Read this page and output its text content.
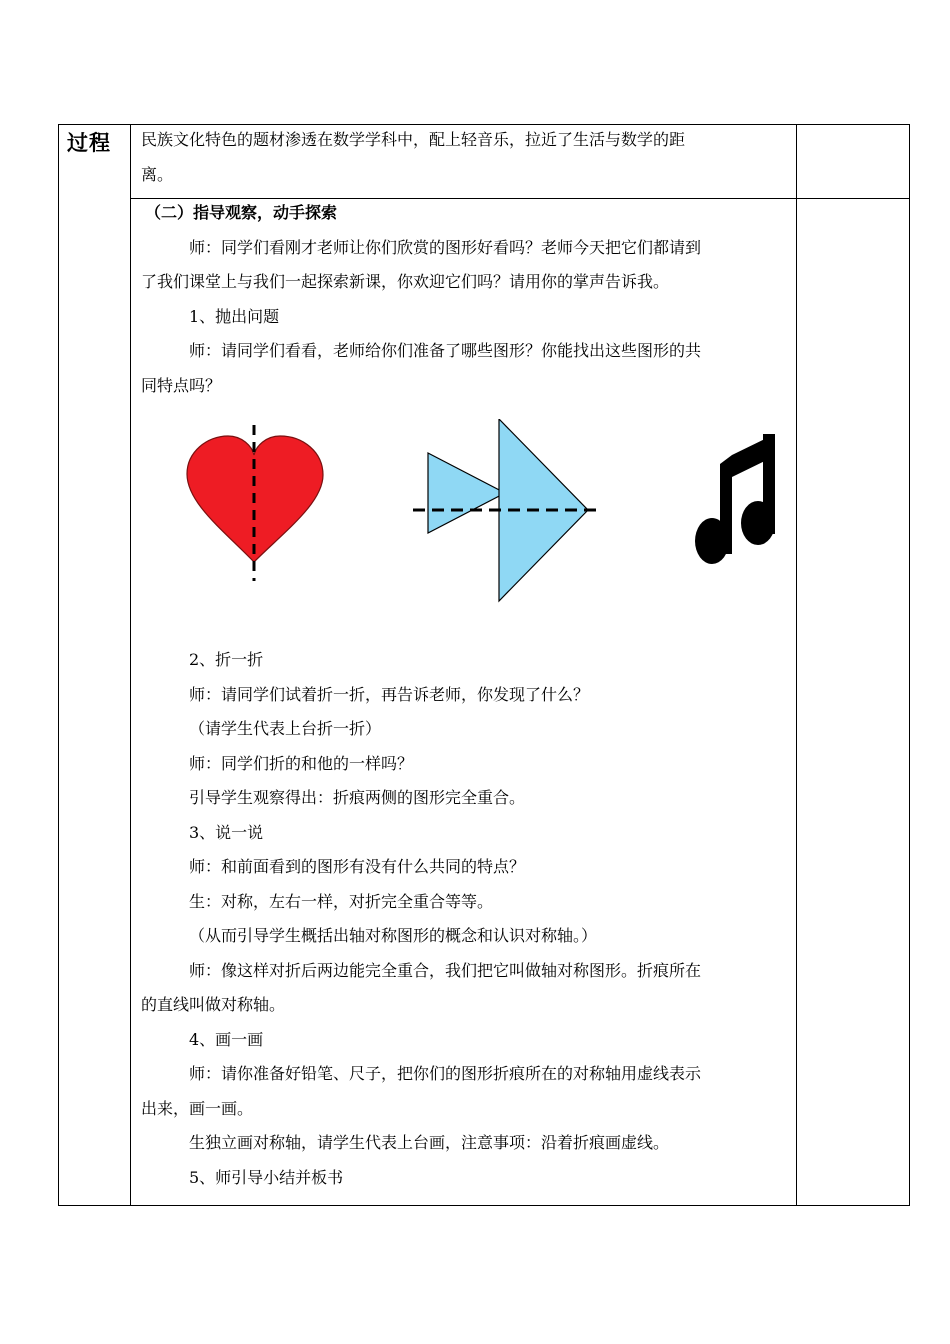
过程 民族文化特色的题材渗透在数学学科中，配上轻音乐，拉近了生活与数学的距

离。

（二）指导观察，动手探索

师：同学们看刚才老师让你们欣赏的图形好看吗？老师今天把它们都请到

了我们课堂上与我们一起探索新课，你欢迎它们吗？请用你的掌声告诉我。

1、抛出问题

师：请同学们看看，老师给你们准备了哪些图形？你能找出这些图形的共

同特点吗？

2、折一折

师：请同学们试着折一折，再告诉老师，你发现了什么？

（请学生代表上台折一折）

师：同学们折的和他的一样吗？

引导学生观察得出：折痕两侧的图形完全重合。

3、说一说

师：和前面看到的图形有没有什么共同的特点？

生：对称，左右一样，对折完全重合等等。

（从而引导学生概括出轴对称图形的概念和认识对称轴。）

师：像这样对折后两边能完全重合，我们把它叫做轴对称图形。折痕所在

的直线叫做对称轴。

4、画一画

师：请你准备好铅笔、尺子，把你们的图形折痕所在的对称轴用虚线表示

出来，画一画。

生独立画对称轴，请学生代表上台画，注意事项：沿着折痕画虚线。

5、师引导小结并板书
